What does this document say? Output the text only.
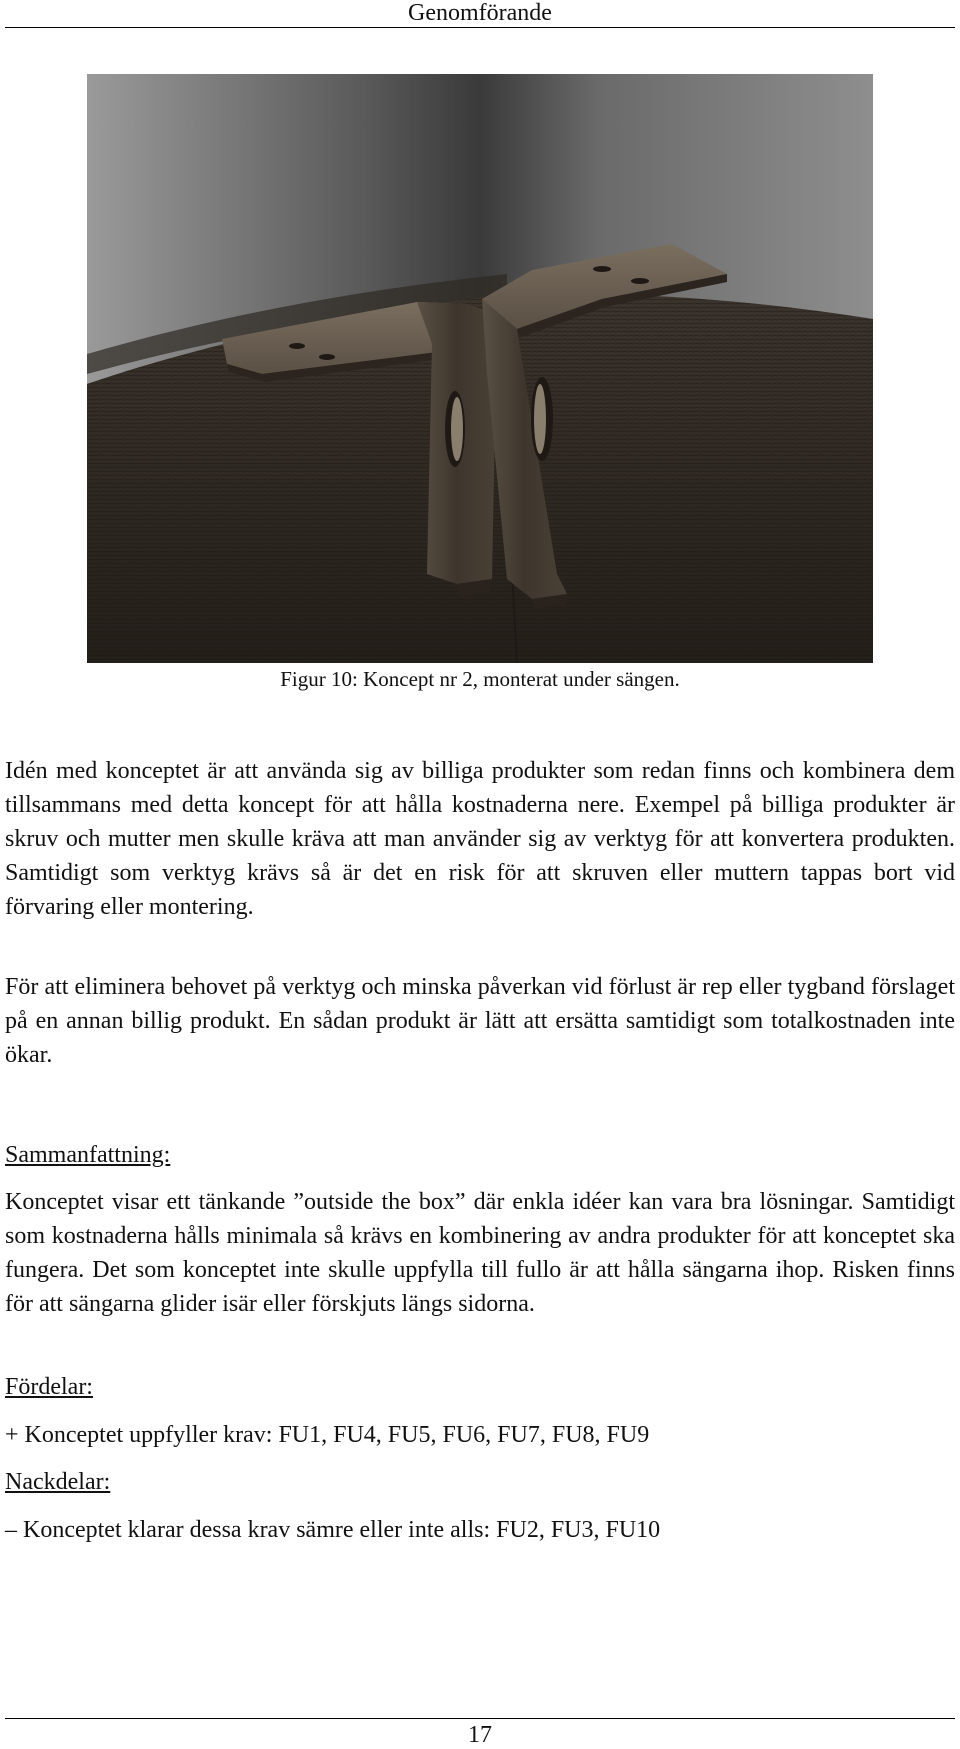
Genomförande
Figur 10: Koncept nr 2, monterat under sängen.

Idén med konceptet är att använda sig av billiga produkter som redan finns och kombinera dem tillsammans med detta koncept för att hålla kostnaderna nere. Exempel på billiga produkter är skruv och mutter men skulle kräva att man använder sig av verktyg för att konvertera produkten. Samtidigt som verktyg krävs så är det en risk för att skruven eller muttern tappas bort vid förvaring eller montering.

För att eliminera behovet på verktyg och minska påverkan vid förlust är rep eller tygband förslaget på en annan billig produkt. En sådan produkt är lätt att ersätta samtidigt som totalkostnaden inte ökar.

Sammanfattning:

Konceptet visar ett tänkande ”outside the box” där enkla idéer kan vara bra lösningar. Samtidigt som kostnaderna hålls minimala så krävs en kombinering av andra produkter för att konceptet ska fungera. Det som konceptet inte skulle uppfylla till fullo är att hålla sängarna ihop. Risken finns för att sängarna glider isär eller förskjuts längs sidorna.

Fördelar:

+ Konceptet uppfyller krav: FU1, FU4, FU5, FU6, FU7, FU8, FU9

Nackdelar:

– Konceptet klarar dessa krav sämre eller inte alls: FU2, FU3, FU10
17
